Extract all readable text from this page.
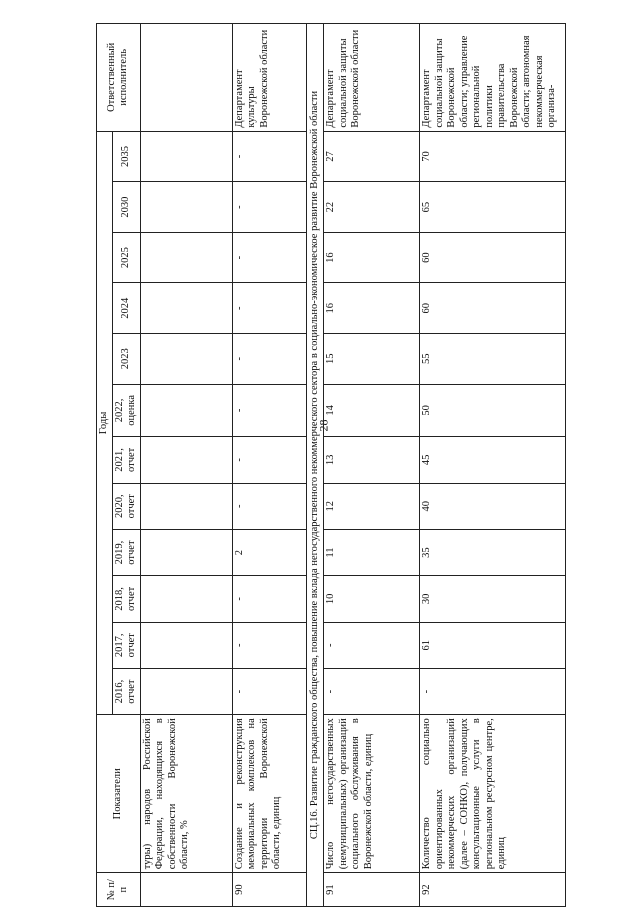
28
№ п/п	Показатели	Годы												Ответственный исполнитель
		2016, отчет	2017, отчет	2018, отчет	2019, отчет	2020, отчет	2021, отчет	2022, оценка	2023	2024	2025	2030	2035	
	туры) народов Российской Федерации, находящихся в собственности Воронежской области, %													
90	Создание и реконструкция мемориальных комплексов на территории Воронежской области, единиц	-	-	-	2	-	-	-	-	-	-	-	-	Департамент культуры Воронежской области
СЦ.16. Развитие гражданского общества, повышение вклада негосударственного некоммерческого сектора в социально-экономическое развитие Воронежской области														
91	Число негосударственных (немуниципальных) организаций социального обслуживания в Воронежской области, единиц	-	-	10	11	12	13	14	15	16	16	22	27	Департамент социальной защиты Воронежской области
92	Количество социально ориентированных некоммерческих организаций (далее – СОНКО), получающих консультационные услуги в региональном ресурсном центре, единиц	-	61	30	35	40	45	50	55	60	60	65	70	Департамент социальной защиты Воронежской области; управление региональной политики правительства Воронежской области; автономная некоммерческая организа-
